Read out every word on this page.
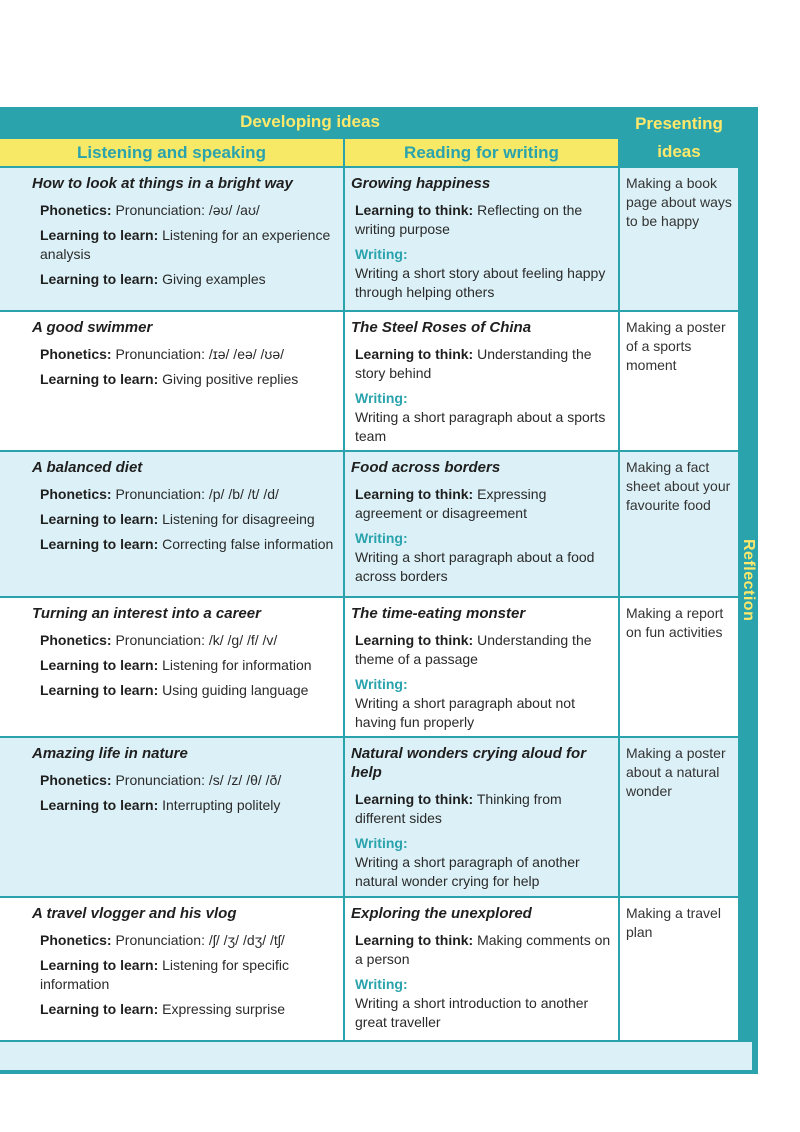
Developing ideas	Presenting ideas
Listening and speaking	Reading for writing
How to look at things in a bright way
Phonetics: Pronunciation: /əʊ/ /aʊ/
Learning to learn: Listening for an experience analysis
Learning to learn: Giving examples
Growing happiness
Learning to think: Reflecting on the writing purpose
Writing:
Writing a short story about feeling happy through helping others
Making a book page about ways to be happy
A good swimmer
Phonetics: Pronunciation: /ɪə/ /eə/ /ʊə/
Learning to learn: Giving positive replies
The Steel Roses of China
Learning to think: Understanding the story behind
Writing:
Writing a short paragraph about a sports team
Making a poster of a sports moment
A balanced diet
Phonetics: Pronunciation: /p/ /b/ /t/ /d/
Learning to learn: Listening for disagreeing
Learning to learn: Correcting false information
Food across borders
Learning to think: Expressing agreement or disagreement
Writing:
Writing a short paragraph about a food across borders
Making a fact sheet about your favourite food
Turning an interest into a career
Phonetics: Pronunciation: /k/ /g/ /f/ /v/
Learning to learn: Listening for information
Learning to learn: Using guiding language
The time-eating monster
Learning to think: Understanding the theme of a passage
Writing:
Writing a short paragraph about not having fun properly
Making a report on fun activities
Amazing life in nature
Phonetics: Pronunciation: /s/ /z/ /θ/ /ð/
Learning to learn: Interrupting politely
Natural wonders crying aloud for help
Learning to think: Thinking from different sides
Writing:
Writing a short paragraph of another natural wonder crying for help
Making a poster about a natural wonder
A travel vlogger and his vlog
Phonetics: Pronunciation: /ʃ/ /ʒ/ /dʒ/ /tʃ/
Learning to learn: Listening for specific information
Learning to learn: Expressing surprise
Exploring the unexplored
Learning to think: Making comments on a person
Writing:
Writing a short introduction to another great traveller
Making a travel plan
Reflection
